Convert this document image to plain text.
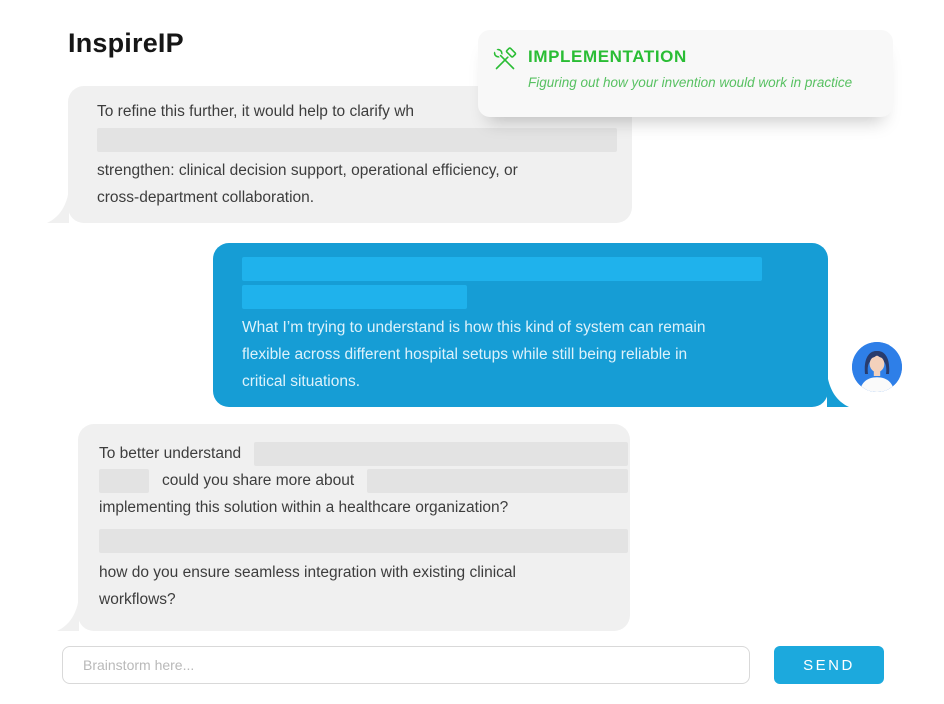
InspireIP	IMPLEMENTATION
Figuring out how your invention would work in practice
To refine this further, it would help to clarify wh
strengthen: clinical decision support, operational efficiency, or
cross-department collaboration.
What I’m trying to understand is how this kind of system can remain
flexible across different hospital setups while still being reliable in
critical situations.
To better understand
could you share more about
implementing this solution within a healthcare organization?
how do you ensure seamless integration with existing clinical
workflows?
Brainstorm here...
SEND
